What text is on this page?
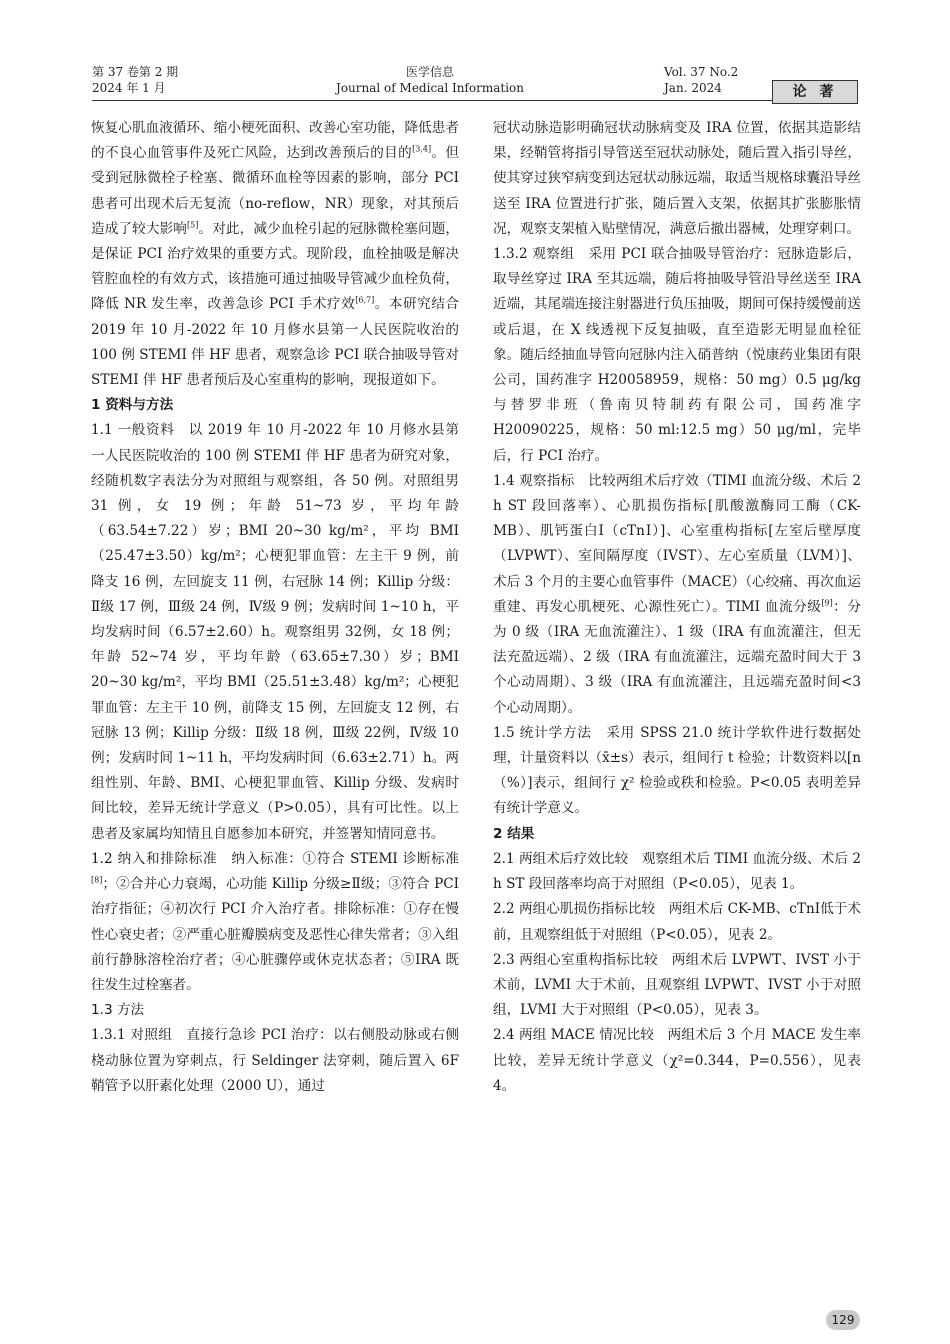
第 37 卷第 2 期
2024 年 1 月
医学信息
Journal of Medical Information
Vol. 37 No.2
Jan. 2024	论 著

恢复心肌血液循环、缩小梗死面积、改善心室功能，降低患者的不良心血管事件及死亡风险，达到改善预后的目的[3,4]。但受到冠脉微栓子栓塞、微循环血栓等因素的影响，部分 PCI 患者可出现术后无复流（no-reflow，NR）现象，对其预后造成了较大影响[5]。对此，减少血栓引起的冠脉微栓塞问题，是保证 PCI 治疗效果的重要方式。现阶段，血栓抽吸是解决管腔血栓的有效方式，该措施可通过抽吸导管减少血栓负荷，降低 NR 发生率，改善急诊 PCI 手术疗效[6,7]。本研究结合 2019 年 10 月-2022 年 10 月修水县第一人民医院收治的 100 例 STEMI 伴 HF 患者，观察急诊 PCI 联合抽吸导管对 STEMI 伴 HF 患者预后及心室重构的影响，现报道如下。

1 资料与方法

1.1 一般资料　以 2019 年 10 月-2022 年 10 月修水县第一人民医院收治的 100 例 STEMI 伴 HF 患者为研究对象，经随机数字表法分为对照组与观察组，各 50 例。对照组男 31 例，女 19 例；年龄 51~73 岁，平均年龄（63.54±7.22）岁；BMI 20~30 kg/m²，平均 BMI（25.47±3.50）kg/m²；心梗犯罪血管：左主干 9 例，前降支 16 例，左回旋支 11 例，右冠脉 14 例；Killip 分级：Ⅱ级 17 例，Ⅲ级 24 例，Ⅳ级 9 例；发病时间 1~10 h，平均发病时间（6.57±2.60）h。观察组男 32例，女 18 例；年龄 52~74 岁，平均年龄（63.65±7.30）岁；BMI 20~30 kg/m²，平均 BMI（25.51±3.48）kg/m²；心梗犯罪血管：左主干 10 例，前降支 15 例，左回旋支 12 例，右冠脉 13 例；Killip 分级：Ⅱ级 18 例，Ⅲ级 22例，Ⅳ级 10 例；发病时间 1~11 h，平均发病时间（6.63±2.71）h。两组性别、年龄、BMI、心梗犯罪血管、Killip 分级、发病时间比较，差异无统计学意义（P>0.05），具有可比性。以上患者及家属均知情且自愿参加本研究，并签署知情同意书。

1.2 纳入和排除标准　纳入标准：①符合 STEMI 诊断标准[8]；②合并心力衰竭，心功能 Killip 分级≥Ⅱ级；③符合 PCI 治疗指征；④初次行 PCI 介入治疗者。排除标准：①存在慢性心衰史者；②严重心脏瓣膜病变及恶性心律失常者；③入组前行静脉溶栓治疗者；④心脏骤停或休克状态者；⑤IRA 既往发生过栓塞者。

1.3 方法

1.3.1 对照组　直接行急诊 PCI 治疗：以右侧股动脉或右侧桡动脉位置为穿刺点，行 Seldinger 法穿刺，随后置入 6F 鞘管予以肝素化处理（2000 U），通过

冠状动脉造影明确冠状动脉病变及 IRA 位置，依据其造影结果，经鞘管将指引导管送至冠状动脉处，随后置入指引导丝，使其穿过狭窄病变到达冠状动脉远端，取适当规格球囊沿导丝送至 IRA 位置进行扩张，随后置入支架，依据其扩张膨胀情况，观察支架植入贴壁情况，满意后撤出器械，处理穿刺口。

1.3.2 观察组　采用 PCI 联合抽吸导管治疗：冠脉造影后，取导丝穿过 IRA 至其远端，随后将抽吸导管沿导丝送至 IRA 近端，其尾端连接注射器进行负压抽吸，期间可保持缓慢前送或后退，在 X 线透视下反复抽吸，直至造影无明显血栓征象。随后经抽血导管向冠脉内注入硝普纳（悦康药业集团有限公司，国药准字 H20058959，规格：50 mg）0.5 μg/kg 与替罗非班（鲁南贝特制药有限公司，国药准字 H20090225，规格：50 ml:12.5 mg）50 μg/ml，完毕后，行 PCI 治疗。

1.4 观察指标　比较两组术后疗效（TIMI 血流分级、术后 2 h ST 段回落率）、心肌损伤指标[肌酸激酶同工酶（CK-MB）、肌钙蛋白Ⅰ（cTnⅠ）]、心室重构指标[左室后壁厚度（LVPWT）、室间隔厚度（IVST）、左心室质量（LVM）]、术后 3 个月的主要心血管事件（MACE）（心绞痛、再次血运重建、再发心肌梗死、心源性死亡）。TIMI 血流分级[9]：分为 0 级（IRA 无血流灌注）、1 级（IRA 有血流灌注，但无法充盈远端）、2 级（IRA 有血流灌注，远端充盈时间大于 3 个心动周期）、3 级（IRA 有血流灌注，且远端充盈时间<3 个心动周期）。

1.5 统计学方法　采用 SPSS 21.0 统计学软件进行数据处理，计量资料以（x̄±s）表示，组间行 t 检验；计数资料以[n（%）]表示，组间行 χ² 检验或秩和检验。P<0.05 表明差异有统计学意义。

2 结果

2.1 两组术后疗效比较　观察组术后 TIMI 血流分级、术后 2 h ST 段回落率均高于对照组（P<0.05），见表 1。

2.2 两组心肌损伤指标比较　两组术后 CK-MB、cTnⅠ低于术前，且观察组低于对照组（P<0.05），见表 2。

2.3 两组心室重构指标比较　两组术后 LVPWT、IVST 小于术前，LVMI 大于术前，且观察组 LVPWT、IVST 小于对照组，LVMI 大于对照组（P<0.05），见表 3。

2.4 两组 MACE 情况比较　两组术后 3 个月 MACE 发生率比较，差异无统计学意义（χ²=0.344，P=0.556），见表 4。

129
